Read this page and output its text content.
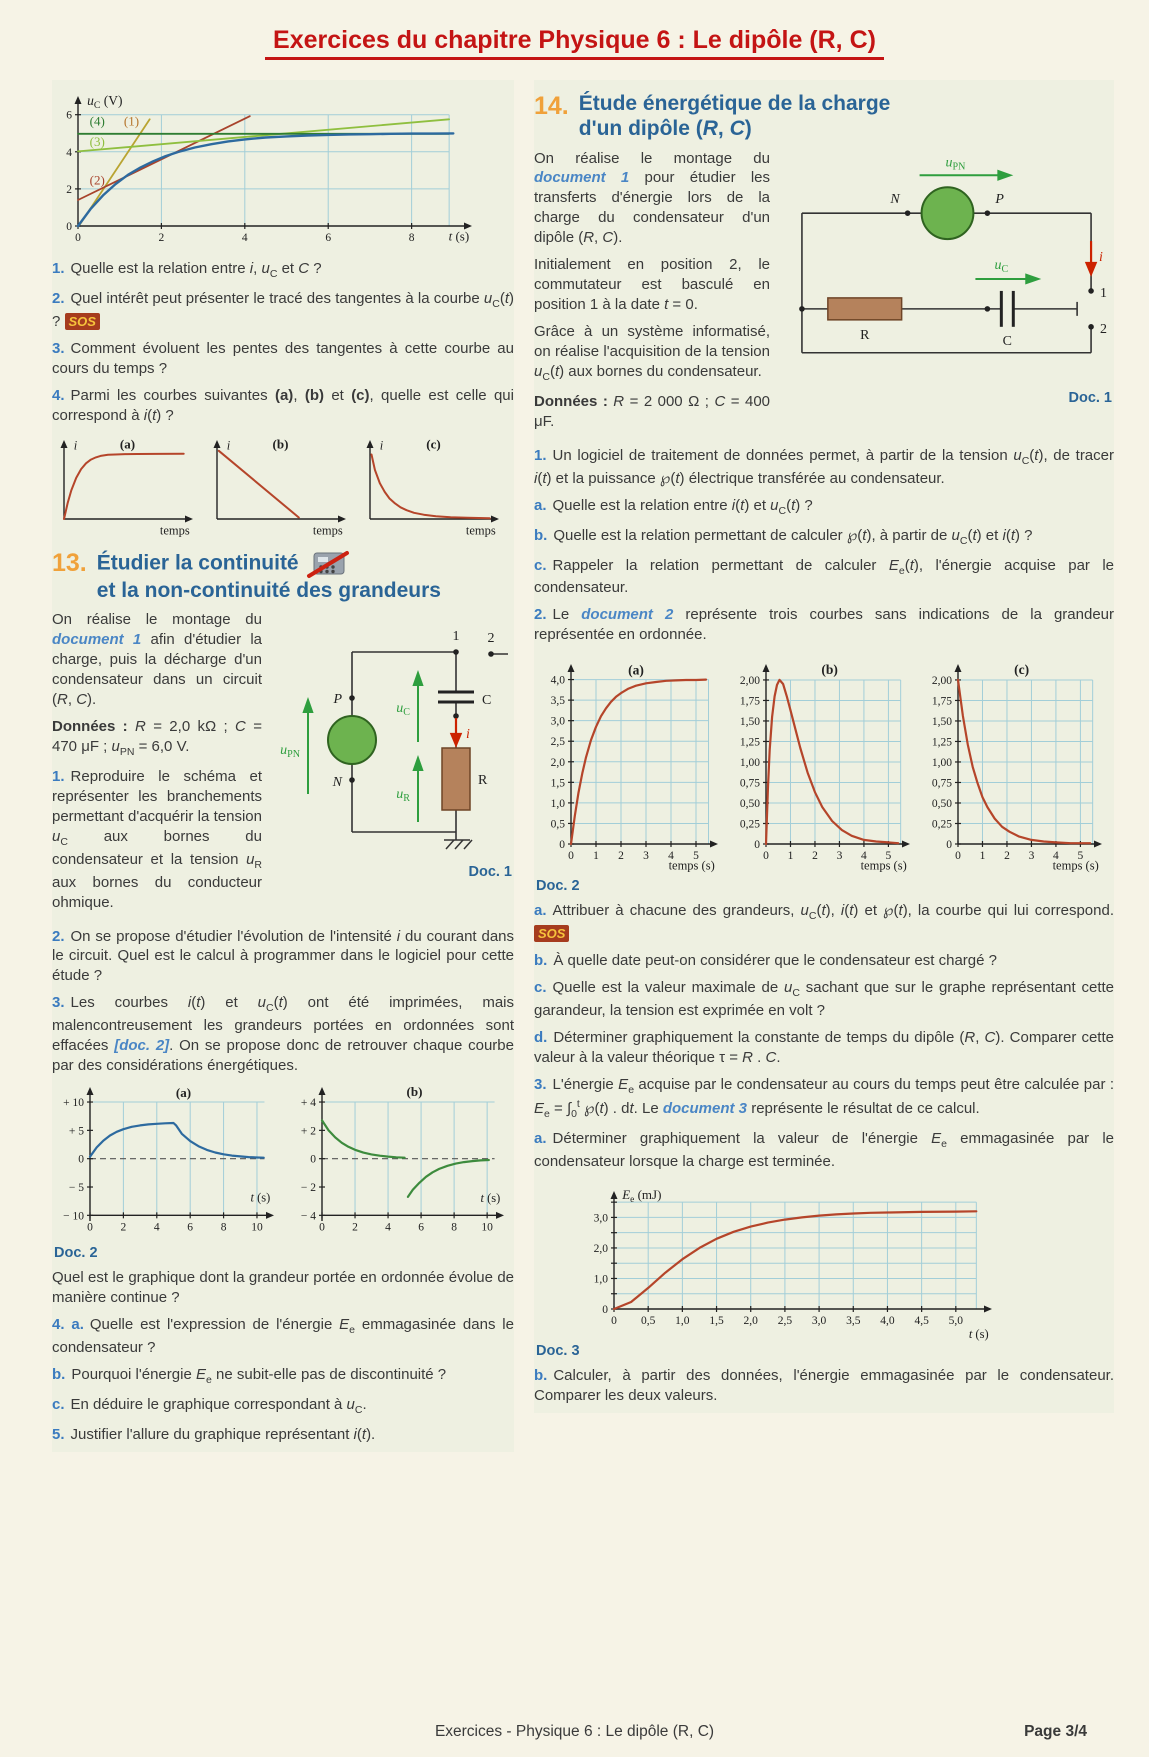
Exercices du chapitre Physique 6 : Le dipôle (R, C)
0	2	4	6	8
0
2
4
6
$u_C$ (V)
t (s)
(4) (1)
(3)
(2)

1. Quelle est la relation entre i, $u_C$ et C ?

2. Quel intérêt peut présenter le tracé des tangentes à la courbe $u_C(t)$ ? SOS

3. Comment évoluent les pentes des tangentes à cette courbe au cours du temps ?

4. Parmi les courbes suivantes (a), (b) et (c), quelle est celle qui correspond à i(t) ?

i	(a)
temps
i	(b)
temps
i	(c)
temps
13. Étudier la continuité
et la non-continuité des grandeurs
1 2
P
N
C
R
$u_{PN}$
$u_C$
$u_R$
i
Doc. 1

On réalise le montage du document 1 afin d'étudier la charge, puis la décharge d'un condensateur dans un circuit (R, C).

Données : R = 2,0 kΩ ; C = 470 μF ; $u_{PN} = 6,0$ V.

1. Reproduire le schéma et représenter les branchements permettant d'acquérir la tension $u_C$ aux bornes du condensateur et la tension $u_R$ aux bornes du conducteur ohmique.

2. On se propose d'étudier l'évolution de l'intensité i du courant dans le circuit. Quel est le calcul à programmer dans le logiciel pour cette étude ?

3. Les courbes i(t) et $u_C(t)$ ont été imprimées, mais malencontreusement les grandeurs portées en ordonnées sont effacées [doc. 2]. On se propose donc de retrouver chaque courbe par des considérations énergétiques.

0 2 4 6 8 10
+ 10
+ 5
0
− 5
− 10
(a)
t (s)
0 2 4 6 8 10
+ 4
+ 2
0
− 2
− 4
(b)
t (s)
Doc. 2

Quel est le graphique dont la grandeur portée en ordonnée évolue de manière continue ?

4. a. Quelle est l'expression de l'énergie $E_e$ emmagasinée dans le condensateur ?

b. Pourquoi l'énergie $E_e$ ne subit-elle pas de discontinuité ?

c. En déduire le graphique correspondant à $u_C$.

5. Justifier l'allure du graphique représentant i(t).

14. Étude énergétique de la charge
d'un dipôle (R, C)
$u_{PN}$
N	P
1
2
R	C
$u_C$
i
Doc. 1

On réalise le montage du document 1 pour étudier les transferts d'énergie lors de la charge du condensateur d'un dipôle (R, C).

Initialement en position 2, le commutateur est basculé en position 1 à la date t = 0.

Grâce à un système informatisé, on réalise l'acquisition de la tension $u_C(t)$ aux bornes du condensateur.

Données : R = 2 000 Ω ; C = 400 μF.

1. Un logiciel de traitement de données permet, à partir de la tension $u_C(t)$, de tracer i(t) et la puissance ℘(t) électrique transférée au condensateur.

a. Quelle est la relation entre i(t) et $u_C(t)$ ?

b. Quelle est la relation permettant de calculer ℘(t), à partir de $u_C(t)$ et i(t) ?

c. Rappeler la relation permettant de calculer $E_e(t)$, l'énergie acquise par le condensateur.

2. Le document 2 représente trois courbes sans indications de la grandeur représentée en ordonnée.

0 1 2 3 4 5
0
0,5
1,0
1,5
2,0
2,5
3,0
3,5
4,0
(a)
temps (s)
0 1 2 3 4 5
0
0,25
0,50
0,75
1,00
1,25
1,50
1,75
2,00
(b)
temps (s)
0 1 2 3 4 5
0
0,25
0,50
0,75
1,00
1,25
1,50
1,75
2,00
(c)
temps (s)
Doc. 2

a. Attribuer à chacune des grandeurs, $u_C(t)$, i(t) et ℘(t), la courbe qui lui correspond. SOS

b. À quelle date peut-on considérer que le condensateur est chargé ?

c. Quelle est la valeur maximale de $u_C$ sachant que sur le graphe représentant cette garandeur, la tension est exprimée en volt ?

d. Déterminer graphiquement la constante de temps du dipôle (R, C). Comparer cette valeur à la valeur théorique τ = R . C.

3. L'énergie $E_e$ acquise par le condensateur au cours du temps peut être calculée par : $E_e = \int_0^t$ ℘(t) . dt. Le document 3 représente le résultat de ce calcul.

a. Déterminer graphiquement la valeur de l'énergie $E_e$ emmagasinée par le condensateur lorsque la charge est terminée.

0 0,5 1,0 1,5 2,0 2,5 3,0 3,5 4,0 4,5 5,0
0
1,0
2,0
3,0
$E_e$ (mJ)
t (s)
Doc. 3

b. Calculer, à partir des données, l'énergie emmagasinée par le condensateur. Comparer les deux valeurs.

Exercices - Physique 6 : Le dipôle (R, C)	Page 3/4
